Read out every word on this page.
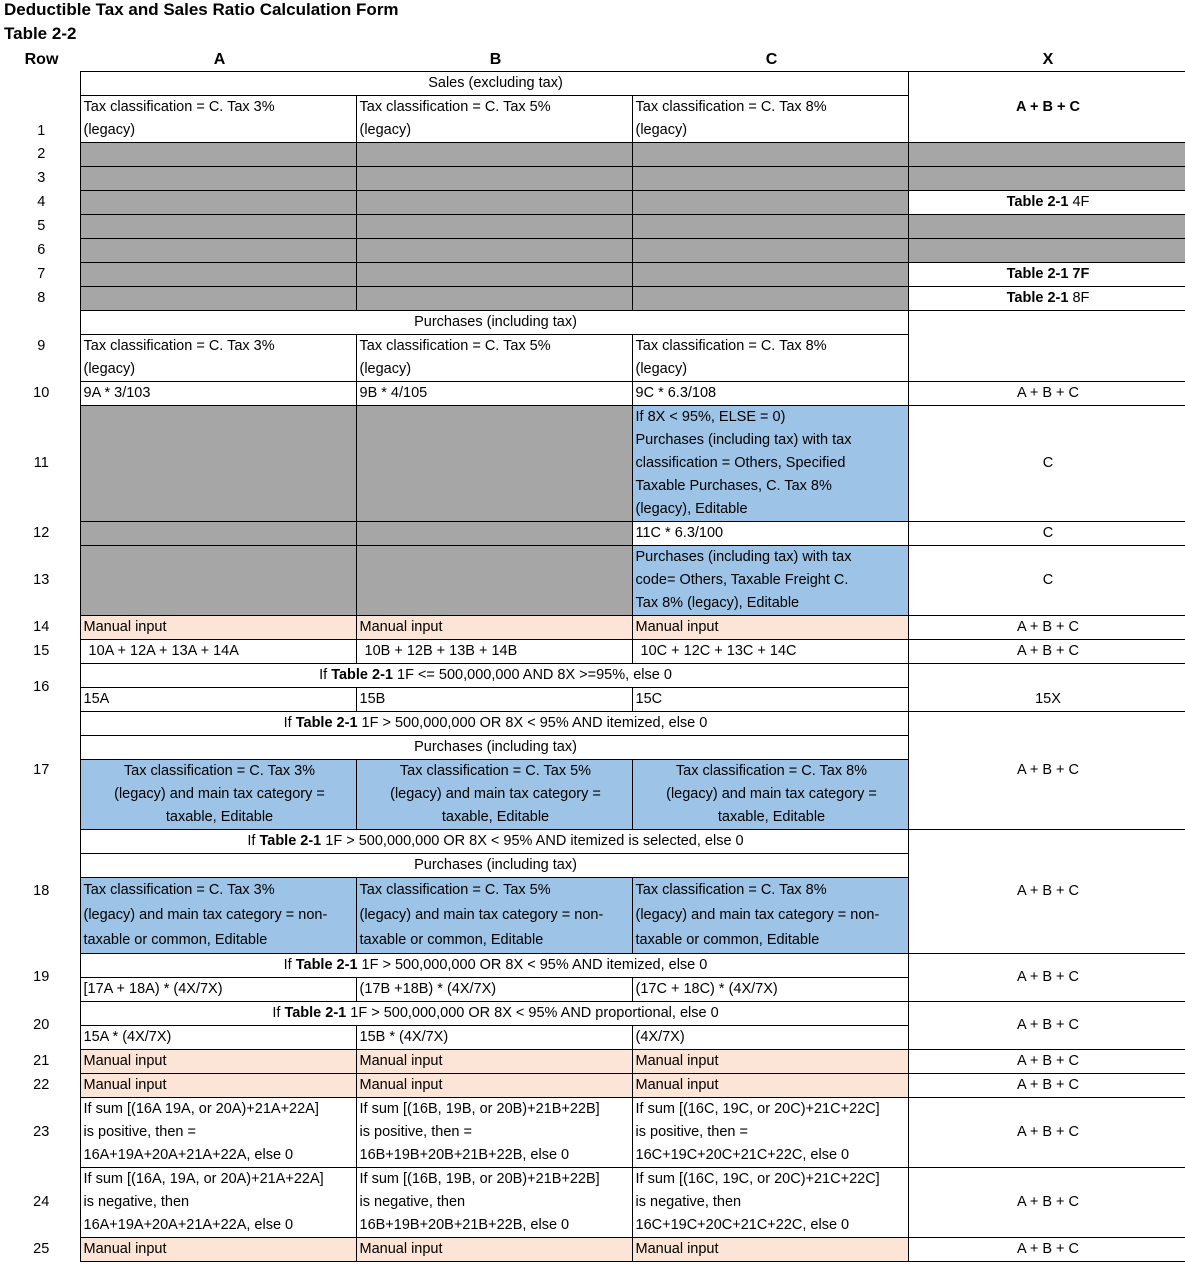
Deductible Tax and Sales Ratio Calculation Form
Table 2-2
Row	A	B	C	X
1	Sales (excluding tax)			A + B + C
	Tax classification = C. Tax 3%	Tax classification = C. Tax 5%	Tax classification = C. Tax 8%	
	(legacy)	(legacy)	(legacy)	
2				
3				
4				Table 2-1 4F
5				
6				
7				Table 2-1 7F
8				Table 2-1 8F
9	Purchases (including tax)			
	Tax classification = C. Tax 3%	Tax classification = C. Tax 5%	Tax classification = C. Tax 8%	
	(legacy)	(legacy)	(legacy)	
10	9A * 3/103	9B * 4/105	9C * 6.3/108	A + B + C
11			If 8X < 95%, ELSE = 0)	C
			Purchases (including tax) with tax	
			classification = Others, Specified	
			Taxable Purchases, C. Tax 8%	
			(legacy), Editable	
12			11C * 6.3/100	C
13			Purchases (including tax) with tax	C
			code= Others, Taxable Freight C.	
			Tax 8% (legacy), Editable	
14	Manual input	Manual input	Manual input	A + B + C
15	10A + 12A + 13A + 14A	10B + 12B + 13B + 14B	10C + 12C + 13C + 14C	A + B + C
16	If Table 2-1 1F <= 500,000,000 AND 8X >=95%, else 0			
	15A	15B	15C	15X
17	If Table 2-1 1F > 500,000,000 OR 8X < 95% AND itemized, else 0			A + B + C
	Purchases (including tax)			
	Tax classification = C. Tax 3%	Tax classification = C. Tax 5%	Tax classification = C. Tax 8%	
	(legacy) and main tax category =	(legacy) and main tax category =	(legacy) and main tax category =	
	taxable, Editable	taxable, Editable	taxable, Editable	
18	If Table 2-1 1F > 500,000,000 OR 8X < 95% AND itemized is selected, else 0			A + B + C
	Purchases (including tax)			
	Tax classification = C. Tax 3%	Tax classification = C. Tax 5%	Tax classification = C. Tax 8%	
	(legacy) and main tax category = non-	(legacy) and main tax category = non-	(legacy) and main tax category = non-	
	taxable or common, Editable	taxable or common, Editable	taxable or common, Editable	
19	If Table 2-1 1F > 500,000,000 OR 8X < 95% AND itemized, else 0			A + B + C
	[17A + 18A) * (4X/7X)	(17B +18B) * (4X/7X)	(17C + 18C) * (4X/7X)	
20	If Table 2-1 1F > 500,000,000 OR 8X < 95% AND proportional, else 0			A + B + C
	15A * (4X/7X)	15B * (4X/7X)	(4X/7X)	
21	Manual input	Manual input	Manual input	A + B + C
22	Manual input	Manual input	Manual input	A + B + C
23	If sum [(16A 19A, or 20A)+21A+22A]	If sum [(16B, 19B, or 20B)+21B+22B]	If sum [(16C, 19C, or 20C)+21C+22C]	A + B + C
	is positive, then =	is positive, then =	is positive, then =	
	16A+19A+20A+21A+22A, else 0	16B+19B+20B+21B+22B, else 0	16C+19C+20C+21C+22C, else 0	
24	If sum [(16A, 19A, or 20A)+21A+22A]	If sum [(16B, 19B, or 20B)+21B+22B]	If sum [(16C, 19C, or 20C)+21C+22C]	A + B + C
	is negative, then	is negative, then	is negative, then	
	16A+19A+20A+21A+22A, else 0	16B+19B+20B+21B+22B, else 0	16C+19C+20C+21C+22C, else 0	
25	Manual input	Manual input	Manual input	A + B + C
